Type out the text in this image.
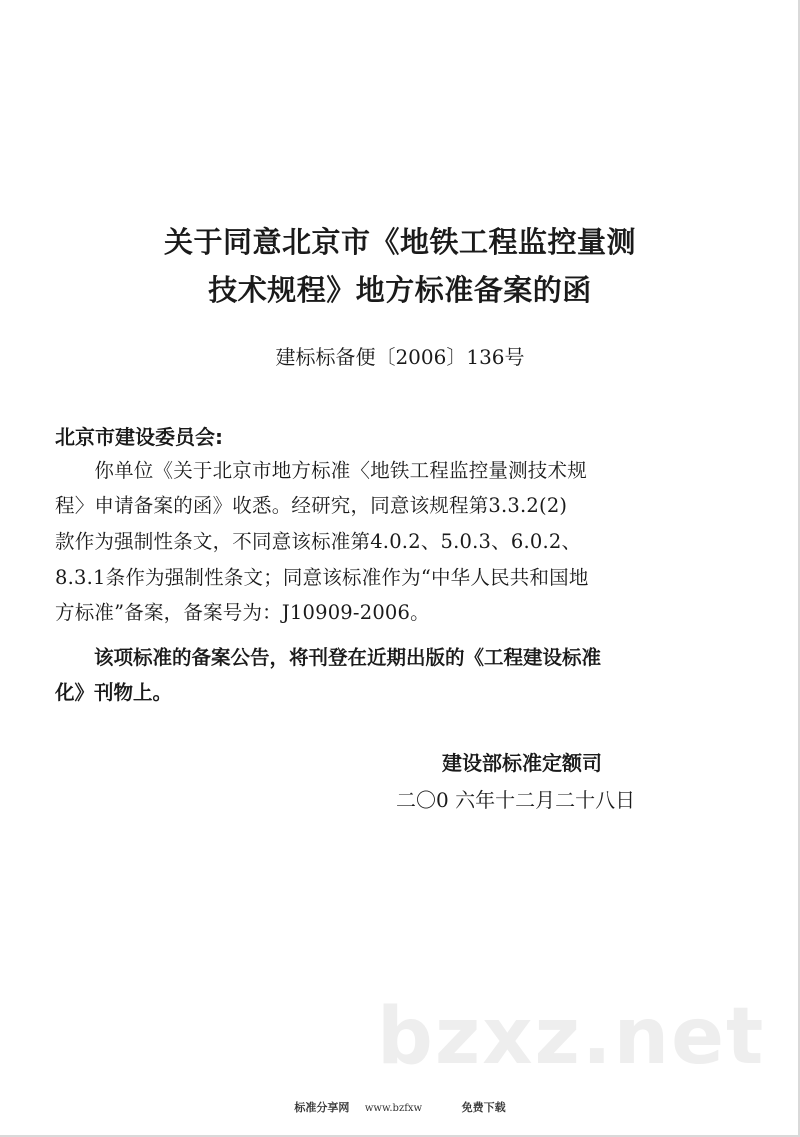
关于同意北京市《地铁工程监控量测
技术规程》地方标准备案的函
建标标备便〔2006〕136号
北京市建设委员会:
　　你单位《关于北京市地方标准〈地铁工程监控量测技术规
程〉申请备案的函》收悉。经研究，同意该规程第3.3.2(2)
款作为强制性条文，不同意该标准第4.0.2、5.0.3、6.0.2、
8.3.1条作为强制性条文；同意该标准作为“中华人民共和国地
方标准”备案，备案号为：J10909-2006。
　　该项标准的备案公告，将刊登在近期出版的《工程建设标准
化》刊物上。
建设部标准定额司
二〇0 六年十二月二十八日
bzxz.net
标准分享网 www.bzfxw	免费下载
